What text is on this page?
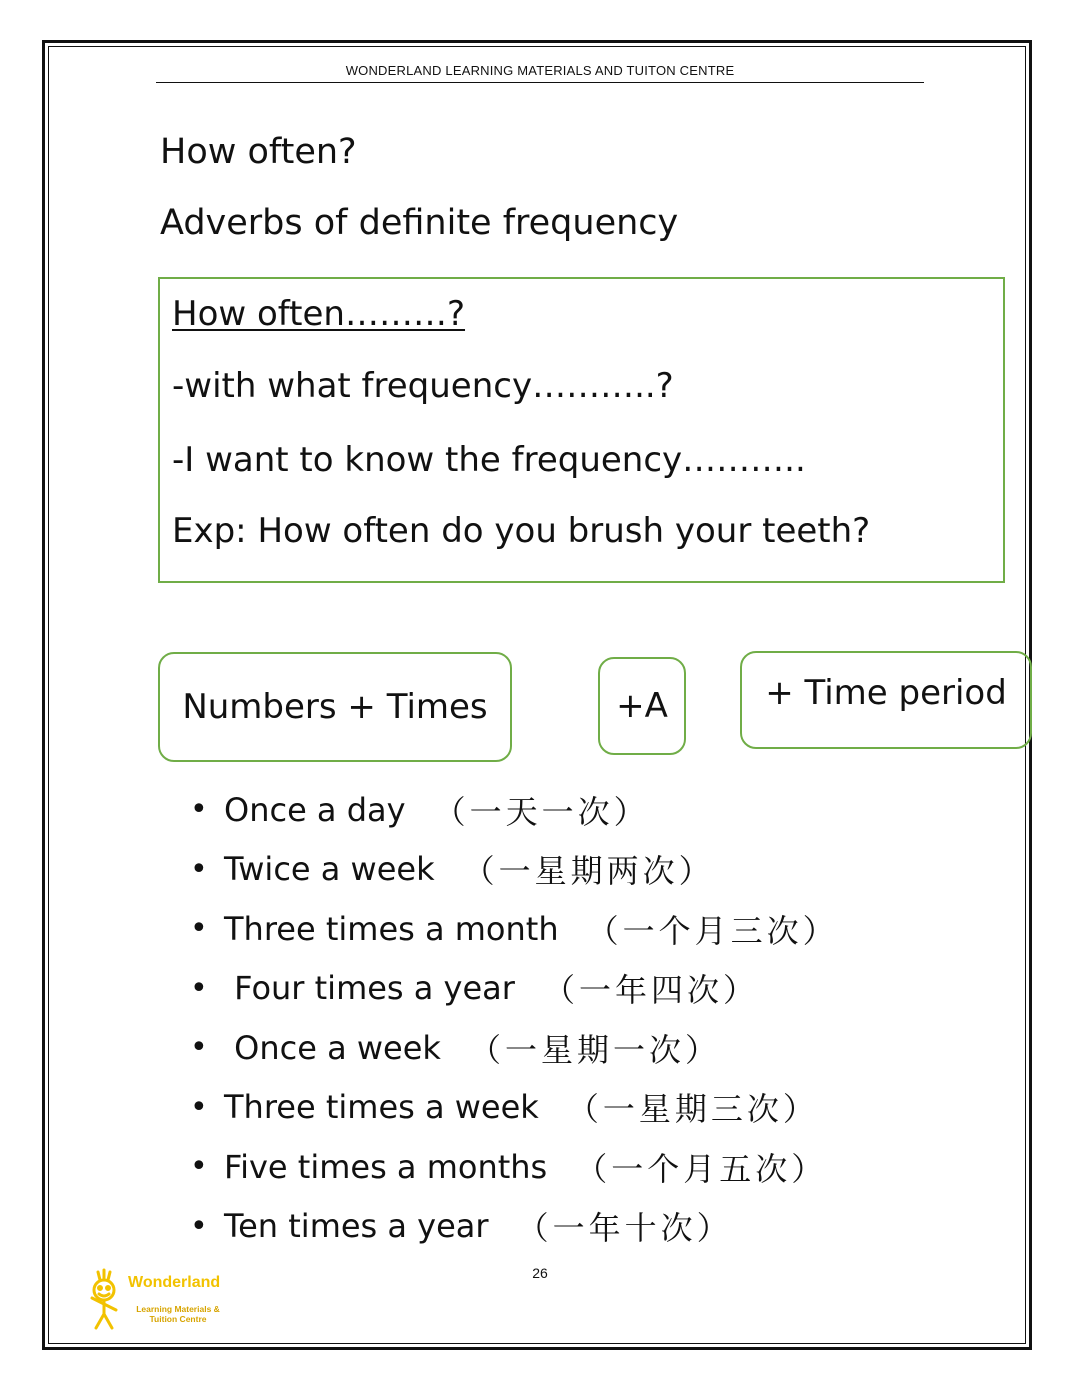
WONDERLAND LEARNING MATERIALS AND TUITON CENTRE
How often?
Adverbs of definite frequency
How often………?
-with what frequency………..?
-I want to know the frequency………..
Exp: How often do you brush your teeth?
Numbers + Times	+A	+ Time period
• Once a day （一天一次）
• Twice a week （一星期两次）
• Three times a month （一个月三次）
• Four times a year （一年四次）
• Once a week （一星期一次）
• Three times a week （一星期三次）
• Five times a months （一个月五次）
• Ten times a year （一年十次）
26
Wonderland
Learning Materials &
Tuition Centre
